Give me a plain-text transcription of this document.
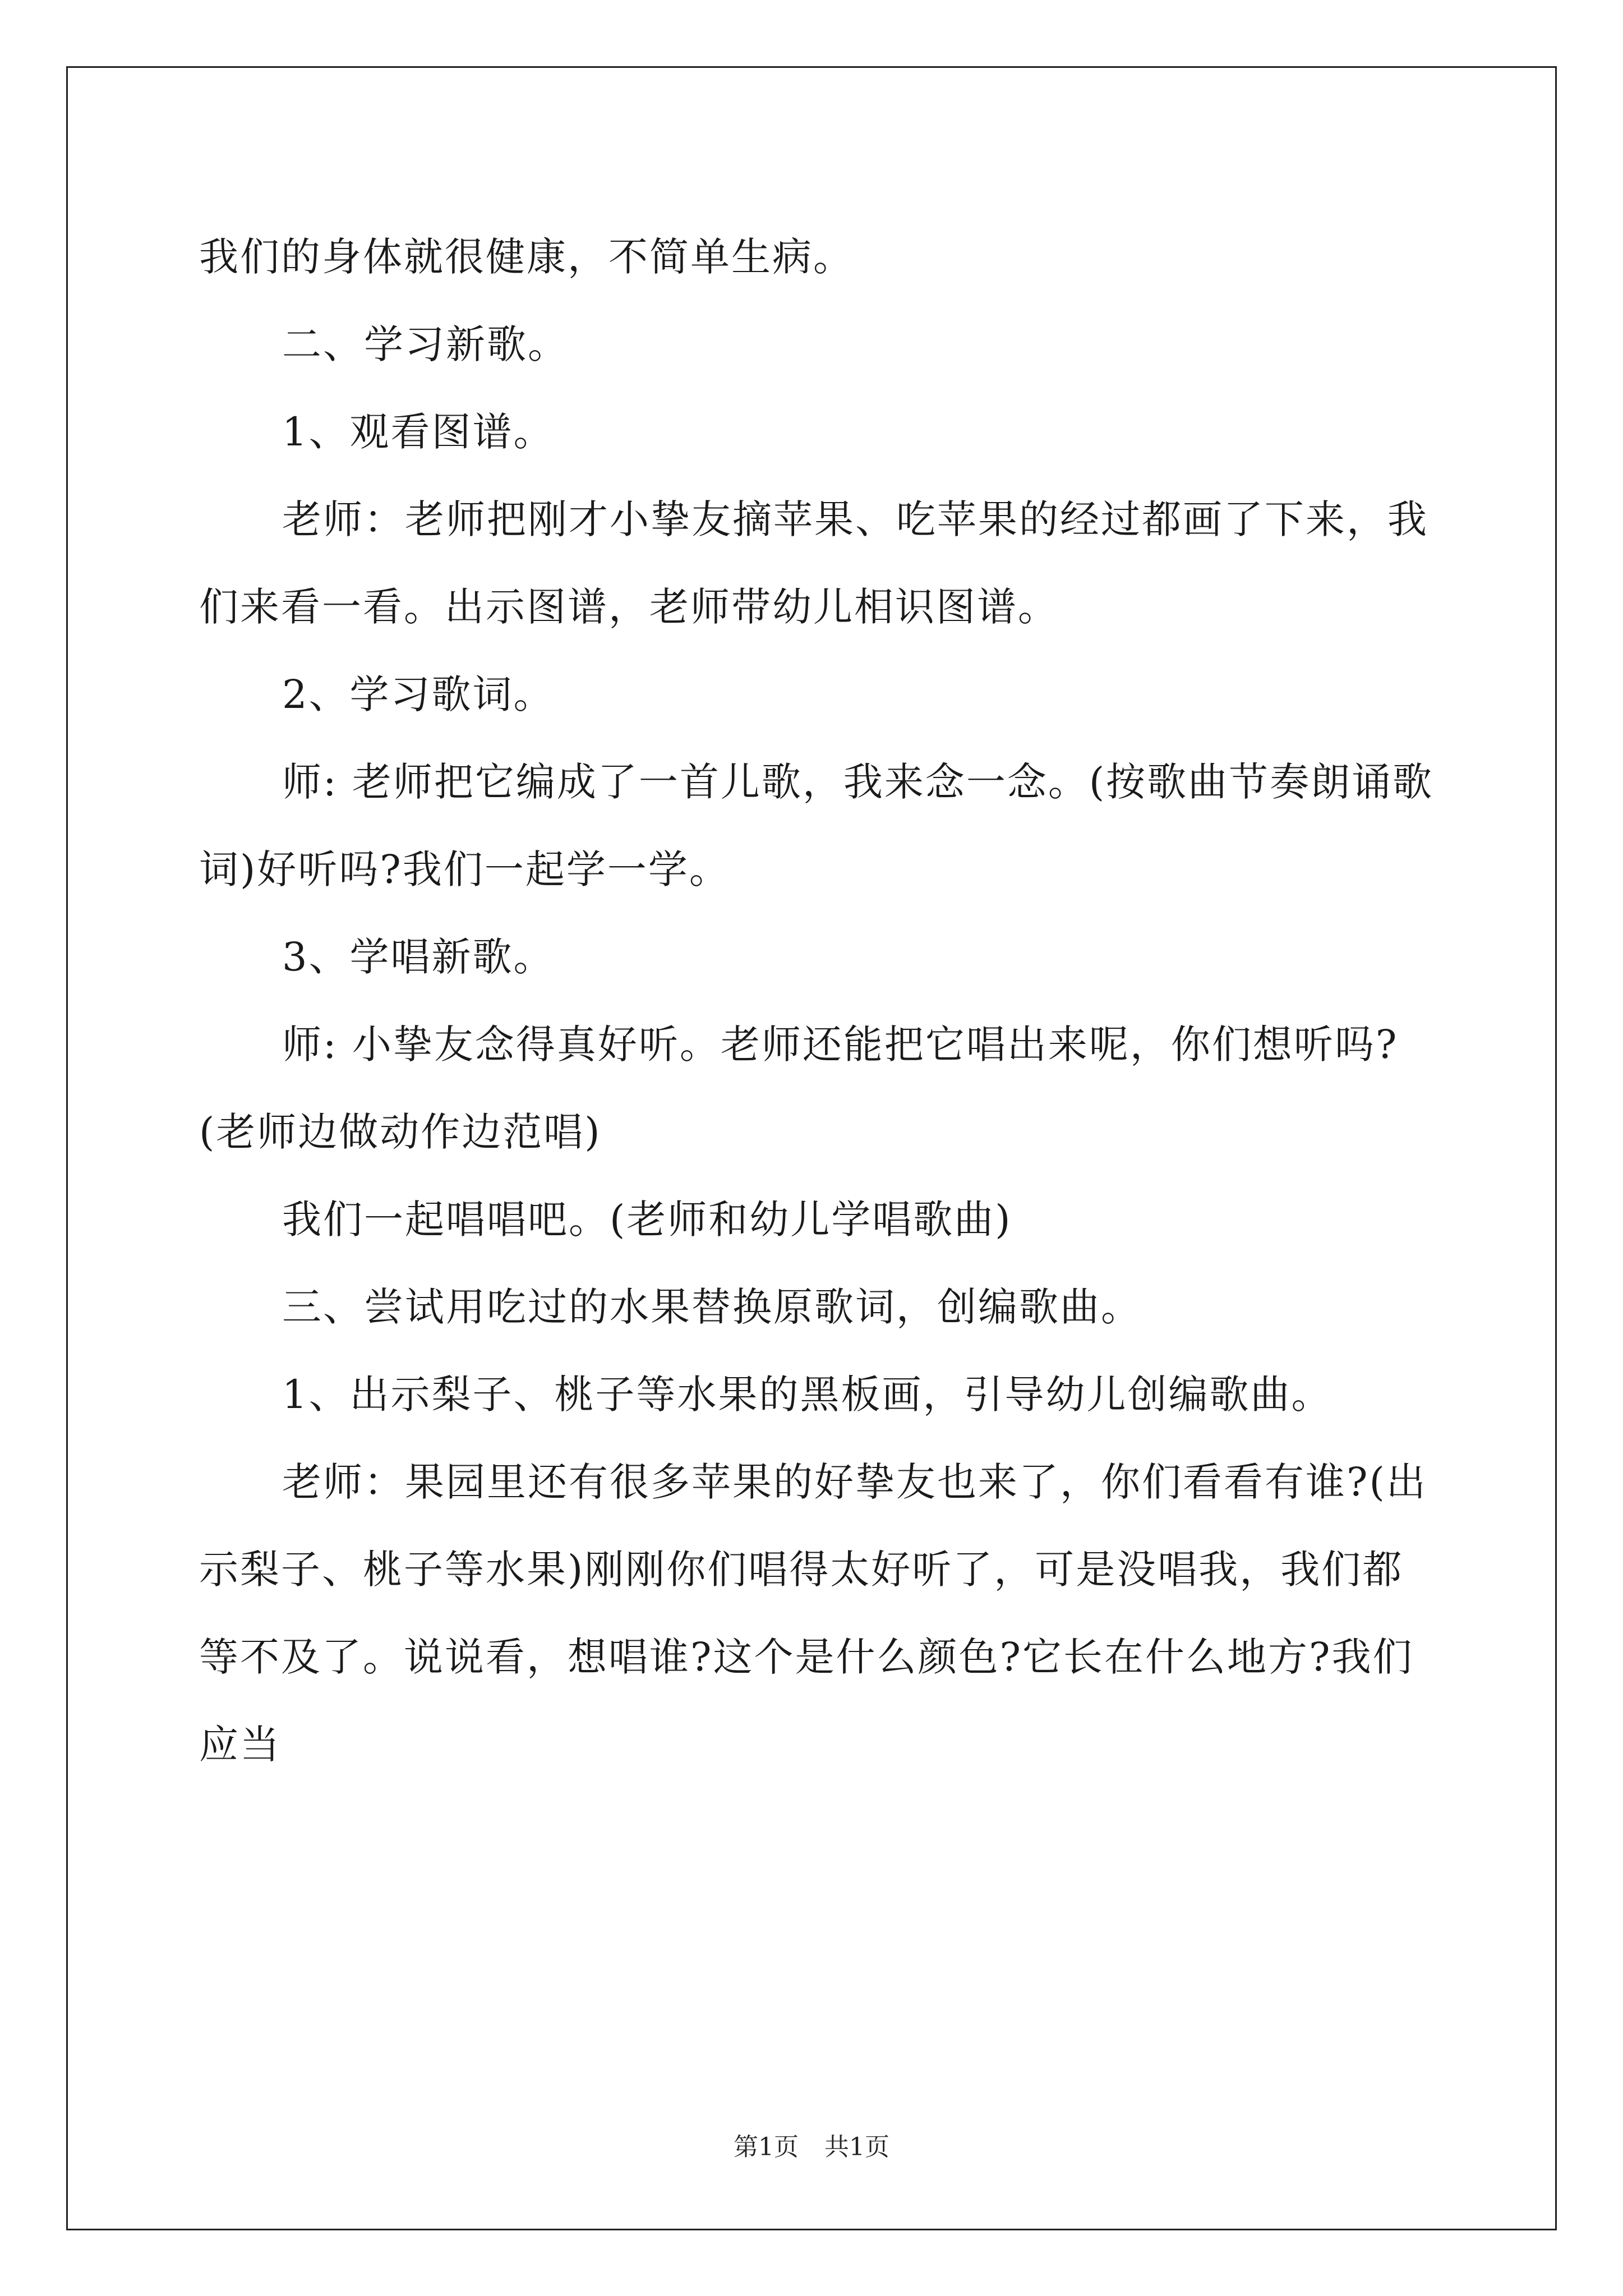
我们的身体就很健康，不简单生病。

二、学习新歌。

1、观看图谱。

老师：老师把刚才小挚友摘苹果、吃苹果的经过都画了下来，我们来看一看。出示图谱，老师带幼儿相识图谱。

2、学习歌词。

师: 老师把它编成了一首儿歌，我来念一念。(按歌曲节奏朗诵歌词)好听吗?我们一起学一学。

3、学唱新歌。

师: 小挚友念得真好听。老师还能把它唱出来呢，你们想听吗?(老师边做动作边范唱)

我们一起唱唱吧。(老师和幼儿学唱歌曲)

三、尝试用吃过的水果替换原歌词，创编歌曲。

1、出示梨子、桃子等水果的黑板画，引导幼儿创编歌曲。

老师：果园里还有很多苹果的好挚友也来了，你们看看有谁?(出示梨子、桃子等水果)刚刚你们唱得太好听了，可是没唱我，我们都等不及了。说说看，想唱谁?这个是什么颜色?它长在什么地方?我们应当

第1页 共1页
